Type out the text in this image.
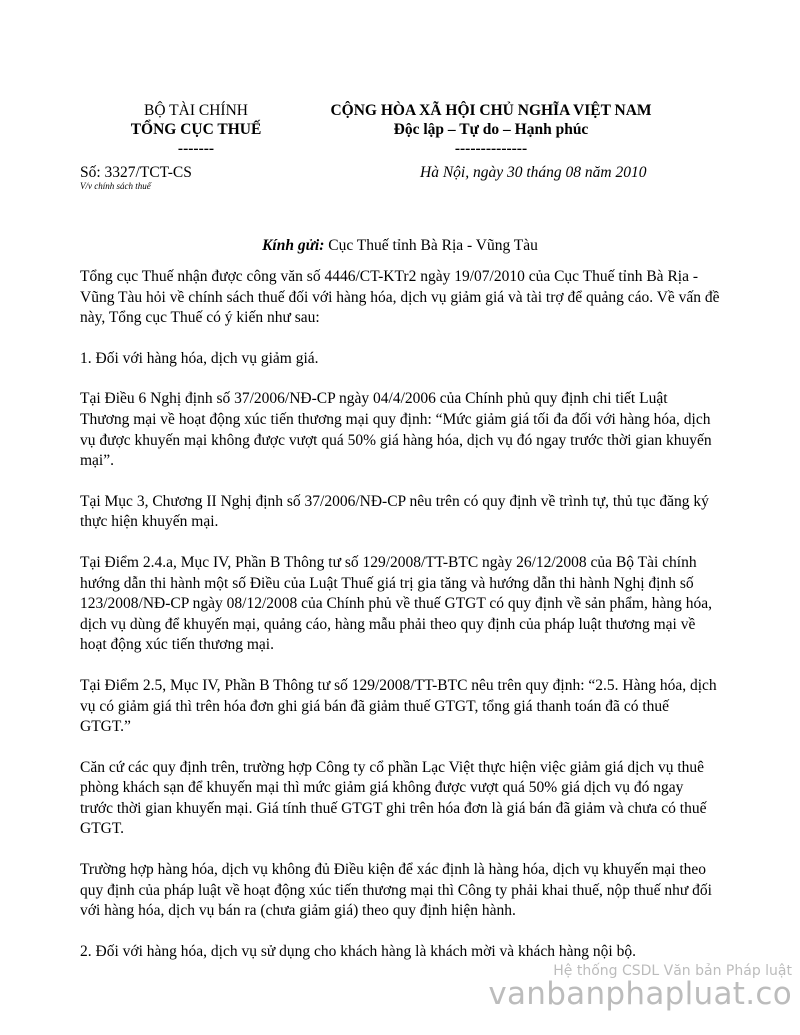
BỘ TÀI CHÍNH
TỔNG CỤC THUẾ
-------
CỘNG HÒA XÃ HỘI CHỦ NGHĨA VIỆT NAM
Độc lập – Tự do – Hạnh phúc
--------------
Số: 3327/TCT-CS
V/v chính sách thuế
Hà Nội, ngày 30 tháng 08 năm 2010
Kính gửi: Cục Thuế tỉnh Bà Rịa - Vũng Tàu

Tổng cục Thuế nhận được công văn số 4446/CT-KTr2 ngày 19/07/2010 của Cục Thuế tỉnh Bà Rịa - Vũng Tàu hỏi về chính sách thuế đối với hàng hóa, dịch vụ giảm giá và tài trợ để quảng cáo. Về vấn đề này, Tổng cục Thuế có ý kiến như sau:

1. Đối với hàng hóa, dịch vụ giảm giá.

Tại Điều 6 Nghị định số 37/2006/NĐ-CP ngày 04/4/2006 của Chính phủ quy định chi tiết Luật Thương mại về hoạt động xúc tiến thương mại quy định: “Mức giảm giá tối đa đối với hàng hóa, dịch vụ được khuyến mại không được vượt quá 50% giá hàng hóa, dịch vụ đó ngay trước thời gian khuyến mại”.

Tại Mục 3, Chương II Nghị định số 37/2006/NĐ-CP nêu trên có quy định về trình tự, thủ tục đăng ký thực hiện khuyến mại.

Tại Điểm 2.4.a, Mục IV, Phần B Thông tư số 129/2008/TT-BTC ngày 26/12/2008 của Bộ Tài chính hướng dẫn thi hành một số Điều của Luật Thuế giá trị gia tăng và hướng dẫn thi hành Nghị định số 123/2008/NĐ-CP ngày 08/12/2008 của Chính phủ về thuế GTGT có quy định về sản phẩm, hàng hóa, dịch vụ dùng để khuyến mại, quảng cáo, hàng mẫu phải theo quy định của pháp luật thương mại về hoạt động xúc tiến thương mại.

Tại Điểm 2.5, Mục IV, Phần B Thông tư số 129/2008/TT-BTC nêu trên quy định: “2.5. Hàng hóa, dịch vụ có giảm giá thì trên hóa đơn ghi giá bán đã giảm thuế GTGT, tổng giá thanh toán đã có thuế GTGT.”

Căn cứ các quy định trên, trường hợp Công ty cổ phần Lạc Việt thực hiện việc giảm giá dịch vụ thuê phòng khách sạn để khuyến mại thì mức giảm giá không được vượt quá 50% giá dịch vụ đó ngay trước thời gian khuyến mại. Giá tính thuế GTGT ghi trên hóa đơn là giá bán đã giảm và chưa có thuế GTGT.

Trường hợp hàng hóa, dịch vụ không đủ Điều kiện để xác định là hàng hóa, dịch vụ khuyến mại theo quy định của pháp luật về hoạt động xúc tiến thương mại thì Công ty phải khai thuế, nộp thuế như đối với hàng hóa, dịch vụ bán ra (chưa giảm giá) theo quy định hiện hành.

2. Đối với hàng hóa, dịch vụ sử dụng cho khách hàng là khách mời và khách hàng nội bộ.

Hệ thống CSDL Văn bản Pháp luật
vanbanphapluat.co
